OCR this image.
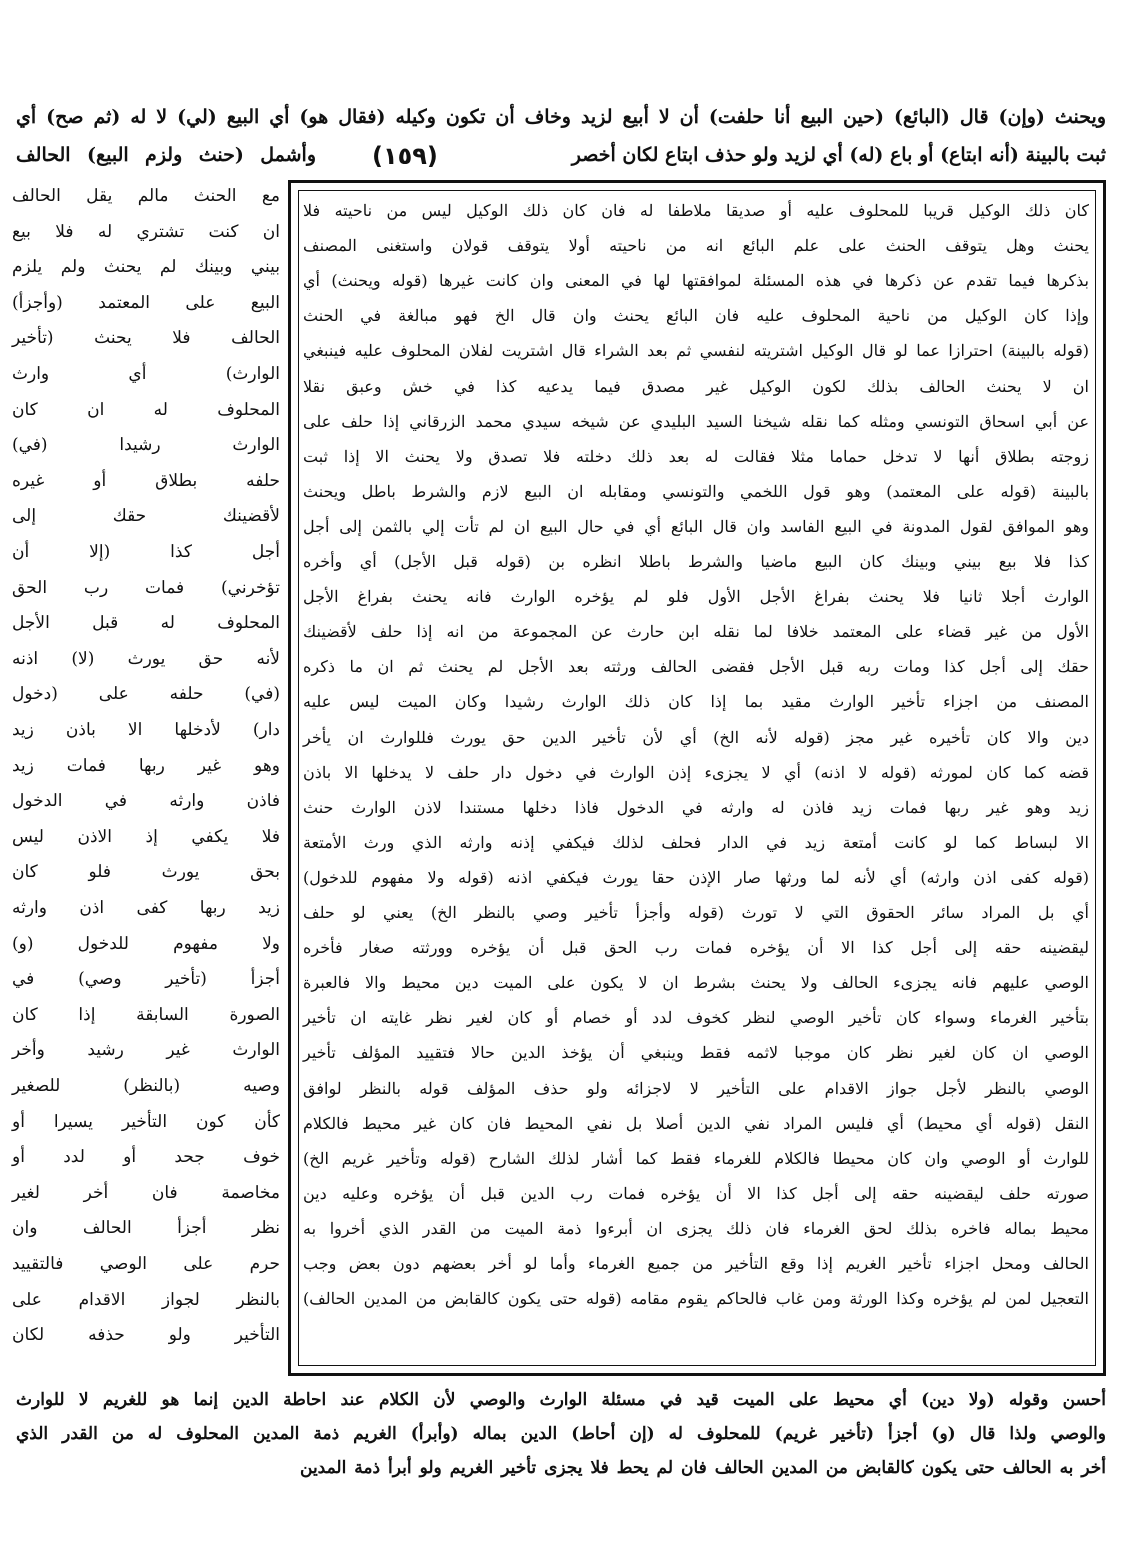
ويحنث (وإن) قال (البائع) (حين البيع أنا حلفت) أن لا أبيع لزيد وخاف أن تكون وكيله (فقال هو) أي البيع (لي) لا له (ثم صح) أي
ثبت بالبينة (أنه ابتاع) أو باع (له) أي لزيد ولو حذف ابتاع لكان أخصر
(١٥٩)
وأشمل (حنث ولزم البيع) الحالف
كان ذلك الوكيل قريبا للمحلوف عليه أو صديقا ملاطفا له فان كان ذلك الوكيل ليس من ناحيته فلا
يحنث وهل يتوقف الحنث على علم البائع انه من ناحيته أولا يتوقف قولان واستغنى المصنف
بذكرها فيما تقدم عن ذكرها في هذه المسئلة لموافقتها لها في المعنى وان كانت غيرها (قوله ويحنث) أي
وإذا كان الوكيل من ناحية المحلوف عليه فان البائع يحنث وان قال الخ فهو مبالغة في الحنث
(قوله بالبينة) احترازا عما لو قال الوكيل اشتريته لنفسي ثم بعد الشراء قال اشتريت لفلان المحلوف عليه فينبغي
ان لا يحنث الحالف بذلك لكون الوكيل غير مصدق فيما يدعيه كذا في خش وعبق نقلا
عن أبي اسحاق التونسي ومثله كما نقله شيخنا السيد البليدي عن شيخه سيدي محمد الزرقاني إذا حلف على
زوجته بطلاق أنها لا تدخل حماما مثلا فقالت له بعد ذلك دخلته فلا تصدق ولا يحنث الا إذا ثبت
بالبينة (قوله على المعتمد) وهو قول اللخمي والتونسي ومقابله ان البيع لازم والشرط باطل ويحنث
وهو الموافق لقول المدونة في البيع الفاسد وان قال البائع أي في حال البيع ان لم تأت إلي بالثمن إلى أجل
كذا فلا بيع بيني وبينك كان البيع ماضيا والشرط باطلا انظره بن (قوله قبل الأجل) أي وأخره
الوارث أجلا ثانيا فلا يحنث بفراغ الأجل الأول فلو لم يؤخره الوارث فانه يحنث بفراغ الأجل
الأول من غير قضاء على المعتمد خلافا لما نقله ابن حارث عن المجموعة من انه إذا حلف لأقضينك
حقك إلى أجل كذا ومات ربه قبل الأجل فقضى الحالف ورثته بعد الأجل لم يحنث ثم ان ما ذكره
المصنف من اجزاء تأخير الوارث مقيد بما إذا كان ذلك الوارث رشيدا وكان الميت ليس عليه
دين والا كان تأخيره غير مجز (قوله لأنه الخ) أي لأن تأخير الدين حق يورث فللوارث ان يأخر
قضه كما كان لمورثه (قوله لا اذنه) أي لا يجزىء إذن الوارث في دخول دار حلف لا يدخلها الا باذن
زيد وهو غير ربها فمات زيد فاذن له وارثه في الدخول فاذا دخلها مستندا لاذن الوارث حنث
الا لبساط كما لو كانت أمتعة زيد في الدار فحلف لذلك فيكفي إذنه وارثه الذي ورث الأمتعة
(قوله كفى اذن وارثه) أي لأنه لما ورثها صار الإذن حقا يورث فيكفي اذنه (قوله ولا مفهوم للدخول)
أي بل المراد سائر الحقوق التي لا تورث (قوله وأجزأ تأخير وصي بالنظر الخ) يعني لو حلف
ليقضينه حقه إلى أجل كذا الا أن يؤخره فمات رب الحق قبل أن يؤخره وورثته صغار فأخره
الوصي عليهم فانه يجزىء الحالف ولا يحنث بشرط ان لا يكون على الميت دين محيط والا فالعبرة
بتأخير الغرماء وسواء كان تأخير الوصي لنظر كخوف لدد أو خصام أو كان لغير نظر غايته ان تأخير
الوصي ان كان لغير نظر كان موجبا لاثمه فقط وينبغي أن يؤخذ الدين حالا فتقييد المؤلف تأخير
الوصي بالنظر لأجل جواز الاقدام على التأخير لا لاجزائه ولو حذف المؤلف قوله بالنظر لوافق
النقل (قوله أي محيط) أي فليس المراد نفي الدين أصلا بل نفي المحيط فان كان غير محيط فالكلام
للوارث أو الوصي وان كان محيطا فالكلام للغرماء فقط كما أشار لذلك الشارح (قوله وتأخير غريم الخ)
صورته حلف ليقضينه حقه إلى أجل كذا الا أن يؤخره فمات رب الدين قبل أن يؤخره وعليه دين
محيط بماله فاخره بذلك لحق الغرماء فان ذلك يجزى ان أبرءوا ذمة الميت من القدر الذي أخروا به
الحالف ومحل اجزاء تأخير الغريم إذا وقع التأخير من جميع الغرماء وأما لو أخر بعضهم دون بعض وجب
التعجيل لمن لم يؤخره وكذا الورثة ومن غاب فالحاكم يقوم مقامه (قوله حتى يكون كالقابض من المدين الحالف)
مع الحنث مالم يقل الحالف
ان كنت تشتري له فلا بيع
بيني وبينك لم يحنث ولم يلزم
البيع على المعتمد (وأجزأ)
الحالف فلا يحنث (تأخير
الوارث) أي وارث
المحلوف له ان كان
الوارث رشيدا (في)
حلفه بطلاق أو غيره
لأقضينك حقك إلى
أجل كذا (إلا أن
تؤخرني) فمات رب الحق
المحلوف له قبل الأجل
لأنه حق يورث (لا) اذنه
(في) حلفه على (دخول
دار) لأدخلها الا باذن زيد
وهو غير ربها فمات زيد
فاذن وارثه في الدخول
فلا يكفي إذ الاذن ليس
بحق يورث فلو كان
زيد ربها كفى اذن وارثه
ولا مفهوم للدخول (و)
أجزأ (تأخير وصي) في
الصورة السابقة إذا كان
الوارث غير رشيد وأخر
وصيه (بالنظر) للصغير
كأن كون التأخير يسيرا أو
خوف جحد أو لدد أو
مخاصمة فان أخر لغير
نظر أجزأ الحالف وان
حرم على الوصي فالتقييد
بالنظر لجواز الاقدام على
التأخير ولو حذفه لكان
أحسن وقوله (ولا دين) أي محيط على الميت قيد في مسئلة الوارث والوصي لأن الكلام عند احاطة الدين إنما هو للغريم لا للوارث
والوصي ولذا قال (و) أجزأ (تأخير غريم) للمحلوف له (إن أحاط) الدين بماله (وأبرأ) الغريم ذمة المدين المحلوف له من القدر الذي
أخر به الحالف حتى يكون كالقابض من المدين الحالف فان لم يحط فلا يجزى تأخير الغريم ولو أبرأ ذمة المدين
